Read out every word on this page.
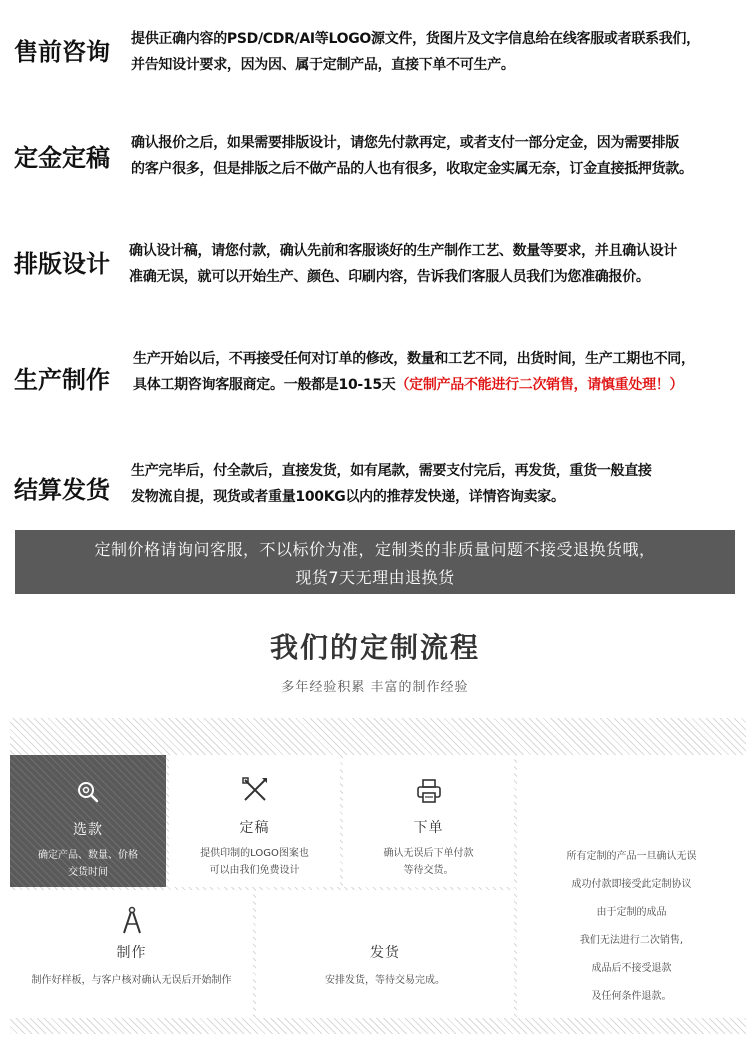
售前咨询	提供正确内容的PSD/CDR/AI等LOGO源文件，货图片及文字信息给在线客服或者联系我们，
并告知设计要求，因为因、属于定制产品，直接下单不可生产。
定金定稿
确认报价之后，如果需要排版设计，请您先付款再定，或者支付一部分定金，因为需要排版
的客户很多，但是排版之后不做产品的人也有很多，收取定金实属无奈，订金直接抵押货款。
排版设计	确认设计稿，请您付款，确认先前和客服谈好的生产制作工艺、数量等要求，并且确认设计
准确无误，就可以开始生产、颜色、印刷内容，告诉我们客服人员我们为您准确报价。
生产制作
生产开始以后，不再接受任何对订单的修改，数量和工艺不同，出货时间，生产工期也不同，
具体工期咨询客服商定。一般都是10-15天（定制产品不能进行二次销售，请慎重处理！）
结算发货
生产完毕后，付全款后，直接发货，如有尾款，需要支付完后，再发货，重货一般直接
发物流自提，现货或者重量100KG以内的推荐发快递，详情咨询卖家。
定制价格请询问客服，不以标价为准，定制类的非质量问题不接受退换货哦，
现货7天无理由退换货
我们的定制流程
多年经验积累 丰富的制作经验
选款
确定产品、数量、价格
交货时间
定稿
提供印制的LOGO图案也
可以由我们免费设计
下单
确认无误后下单付款
等待交货。
制作
制作好样板，与客户核对确认无误后开始制作
发货
安排发货，等待交易完成。
所有定制的产品一旦确认无误
成功付款即接受此定制协议
由于定制的成品
我们无法进行二次销售,
成品后不接受退款
及任何条件退款。
